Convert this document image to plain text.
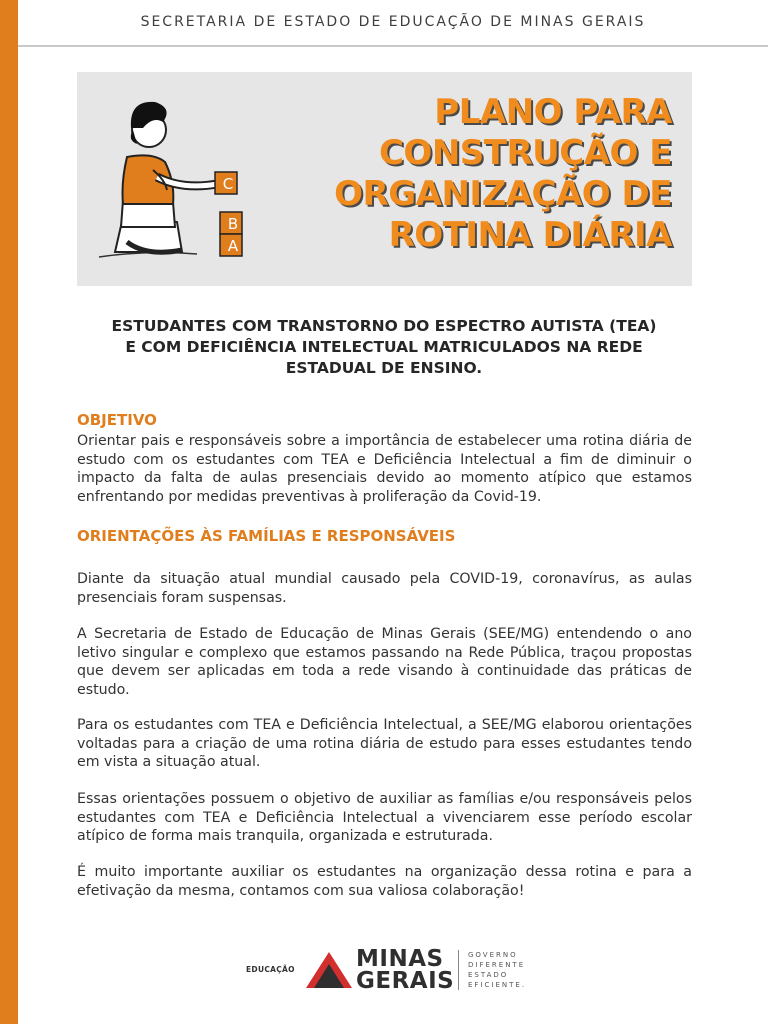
SECRETARIA DE ESTADO DE EDUCAÇÃO DE MINAS GERAIS
C
B
A
PLANO PARA
CONSTRUÇÃO E
ORGANIZAÇÃO DE
ROTINA DIÁRIA
ESTUDANTES COM TRANSTORNO DO ESPECTRO AUTISTA (TEA)
E COM DEFICIÊNCIA INTELECTUAL MATRICULADOS NA REDE
ESTADUAL DE ENSINO.
OBJETIVO
Orientar pais e responsáveis sobre a importância de estabelecer uma rotina diária de estudo com os estudantes com TEA e Deficiência Intelectual a fim de diminuir o impacto da falta de aulas presenciais devido ao momento atípico que estamos enfrentando por medidas preventivas à proliferação da Covid-19.
ORIENTAÇÕES ÀS FAMÍLIAS E RESPONSÁVEIS
Diante da situação atual mundial causado pela COVID-19, coronavírus, as aulas presenciais foram suspensas.
A Secretaria de Estado de Educação de Minas Gerais (SEE/MG) entendendo o ano letivo singular e complexo que estamos passando na Rede Pública, traçou propostas que devem ser aplicadas em toda a rede visando à continuidade das práticas de estudo.
Para os estudantes com TEA e Deficiência Intelectual, a SEE/MG elaborou orientações voltadas para a criação de uma rotina diária de estudo para esses estudantes tendo em vista a situação atual.
Essas orientações possuem o objetivo de auxiliar as famílias e/ou responsáveis pelos estudantes com TEA e Deficiência Intelectual a vivenciarem esse período escolar atípico de forma mais tranquila, organizada e estruturada.
É muito importante auxiliar os estudantes na organização dessa rotina e para a efetivação da mesma, contamos com sua valiosa colaboração!
EDUCAÇÃO	MINAS
GERAIS
GOVERNO
DIFERENTE
ESTADO
EFICIENTE.
